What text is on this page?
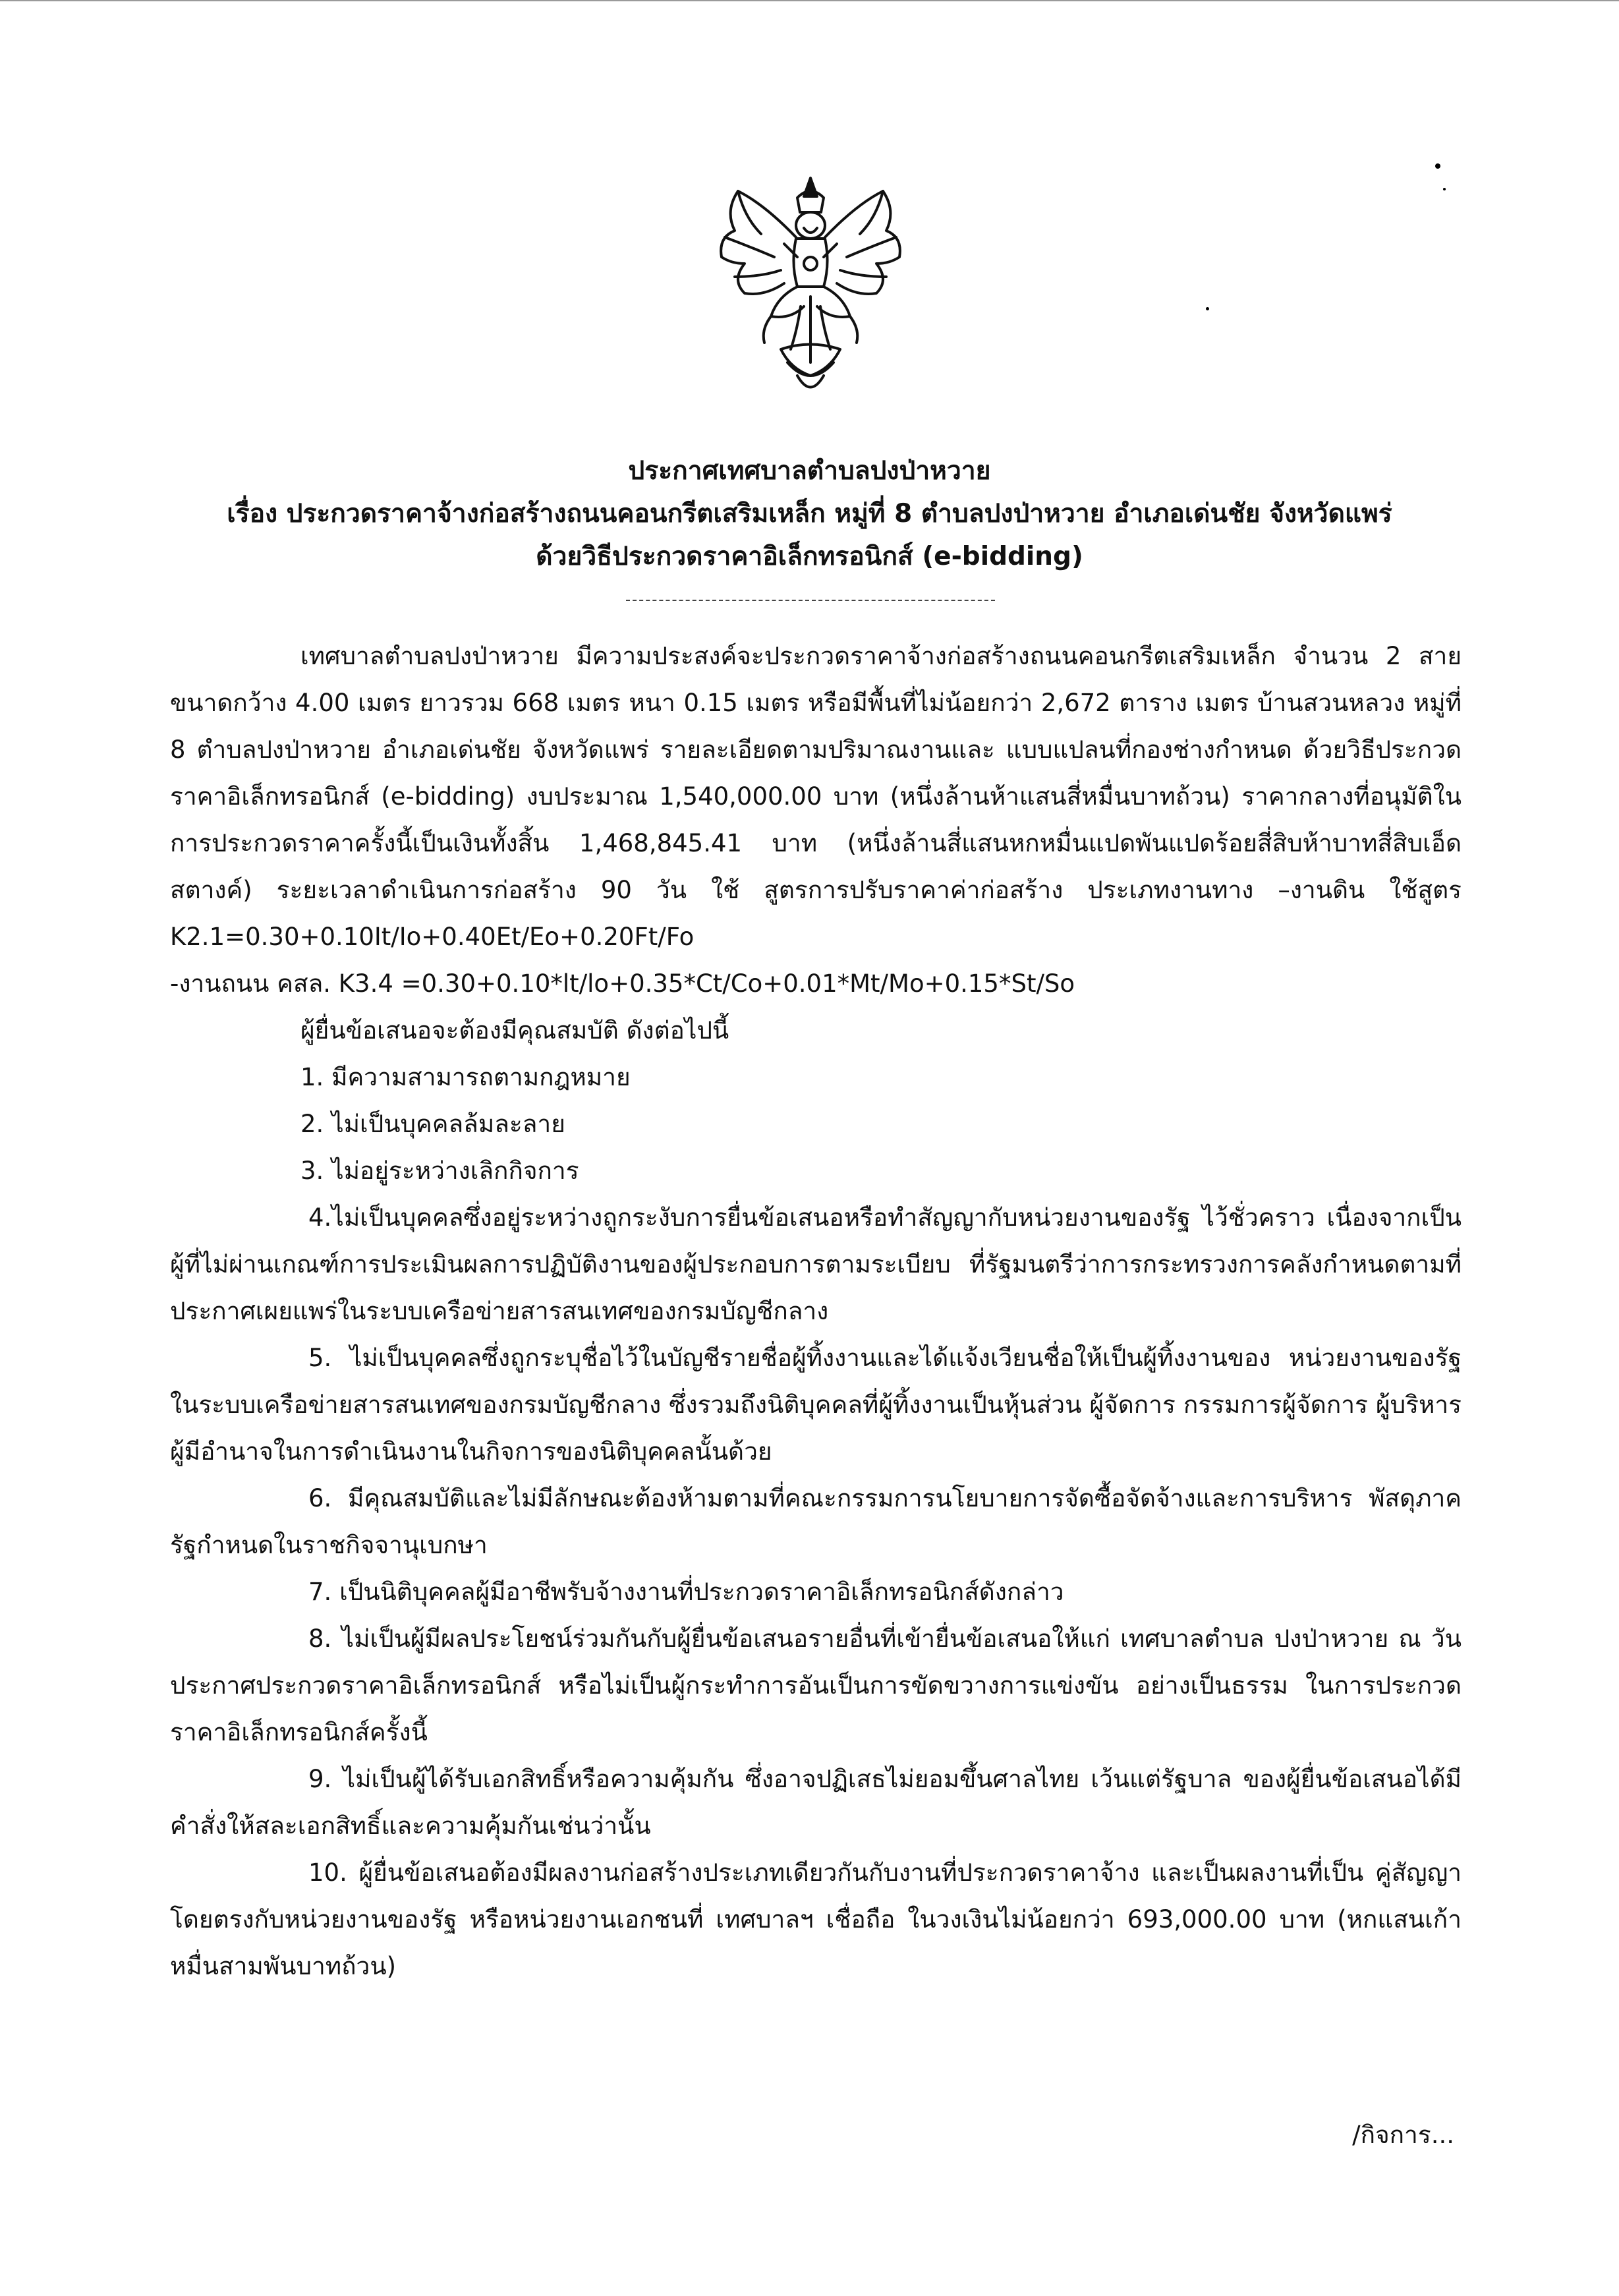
ประกาศเทศบาลตำบลปงป่าหวาย
เรื่อง ประกวดราคาจ้างก่อสร้างถนนคอนกรีตเสริมเหล็ก หมู่ที่ 8 ตำบลปงป่าหวาย อำเภอเด่นชัย จังหวัดแพร่
ด้วยวิธีประกวดราคาอิเล็กทรอนิกส์ (e-bidding)

เทศบาลตำบลปงป่าหวาย มีความประสงค์จะประกวดราคาจ้างก่อสร้างถนนคอนกรีตเสริมเหล็ก จำนวน 2 สาย ขนาดกว้าง 4.00 เมตร ยาวรวม 668 เมตร หนา 0.15 เมตร หรือมีพื้นที่ไม่น้อยกว่า 2,672 ตาราง เมตร บ้านสวนหลวง หมู่ที่ 8 ตำบลปงป่าหวาย อำเภอเด่นชัย จังหวัดแพร่ รายละเอียดตามปริมาณงานและ แบบแปลนที่กองช่างกำหนด ด้วยวิธีประกวดราคาอิเล็กทรอนิกส์ (e-bidding) งบประมาณ 1,540,000.00 บาท (หนึ่งล้านห้าแสนสี่หมื่นบาทถ้วน) ราคากลางที่อนุมัติในการประกวดราคาครั้งนี้เป็นเงินทั้งสิ้น 1,468,845.41 บาท (หนึ่งล้านสี่แสนหกหมื่นแปดพันแปดร้อยสี่สิบห้าบาทสี่สิบเอ็ดสตางค์) ระยะเวลาดำเนินการก่อสร้าง 90 วัน ใช้ สูตรการปรับราคาค่าก่อสร้าง ประเภทงานทาง –งานดิน ใช้สูตร K2.1=0.30+0.10It/Io+0.40Et/Eo+0.20Ft/Fo

-งานถนน คสล. K3.4 =0.30+0.10*lt/lo+0.35*Ct/Co+0.01*Mt/Mo+0.15*St/So

ผู้ยื่นข้อเสนอจะต้องมีคุณสมบัติ ดังต่อไปนี้

1. มีความสามารถตามกฎหมาย

2. ไม่เป็นบุคคลล้มละลาย

3. ไม่อยู่ระหว่างเลิกกิจการ

4.ไม่เป็นบุคคลซึ่งอยู่ระหว่างถูกระงับการยื่นข้อเสนอหรือทำสัญญากับหน่วยงานของรัฐ ไว้ชั่วคราว เนื่องจากเป็นผู้ที่ไม่ผ่านเกณฑ์การประเมินผลการปฏิบัติงานของผู้ประกอบการตามระเบียบ ที่รัฐมนตรีว่าการกระทรวงการคลังกำหนดตามที่ประกาศเผยแพร่ในระบบเครือข่ายสารสนเทศของกรมบัญชีกลาง

5. ไม่เป็นบุคคลซึ่งถูกระบุชื่อไว้ในบัญชีรายชื่อผู้ทิ้งงานและได้แจ้งเวียนชื่อให้เป็นผู้ทิ้งงานของ หน่วยงานของรัฐในระบบเครือข่ายสารสนเทศของกรมบัญชีกลาง ซึ่งรวมถึงนิติบุคคลที่ผู้ทิ้งงานเป็นหุ้นส่วน ผู้จัดการ กรรมการผู้จัดการ ผู้บริหาร ผู้มีอำนาจในการดำเนินงานในกิจการของนิติบุคคลนั้นด้วย

6. มีคุณสมบัติและไม่มีลักษณะต้องห้ามตามที่คณะกรรมการนโยบายการจัดซื้อจัดจ้างและการบริหาร พัสดุภาครัฐกำหนดในราชกิจจานุเบกษา

7. เป็นนิติบุคคลผู้มีอาชีพรับจ้างงานที่ประกวดราคาอิเล็กทรอนิกส์ดังกล่าว

8. ไม่เป็นผู้มีผลประโยชน์ร่วมกันกับผู้ยื่นข้อเสนอรายอื่นที่เข้ายื่นข้อเสนอให้แก่ เทศบาลตำบล ปงป่าหวาย ณ วันประกาศประกวดราคาอิเล็กทรอนิกส์ หรือไม่เป็นผู้กระทำการอันเป็นการขัดขวางการแข่งขัน อย่างเป็นธรรม ในการประกวดราคาอิเล็กทรอนิกส์ครั้งนี้

9. ไม่เป็นผู้ได้รับเอกสิทธิ์หรือความคุ้มกัน ซึ่งอาจปฏิเสธไม่ยอมขึ้นศาลไทย เว้นแต่รัฐบาล ของผู้ยื่นข้อเสนอได้มีคำสั่งให้สละเอกสิทธิ์และความคุ้มกันเช่นว่านั้น

10. ผู้ยื่นข้อเสนอต้องมีผลงานก่อสร้างประเภทเดียวกันกับงานที่ประกวดราคาจ้าง และเป็นผลงานที่เป็น คู่สัญญาโดยตรงกับหน่วยงานของรัฐ หรือหน่วยงานเอกชนที่ เทศบาลฯ เชื่อถือ ในวงเงินไม่น้อยกว่า 693,000.00 บาท (หกแสนเก้าหมื่นสามพันบาทถ้วน)

/กิจการ...
